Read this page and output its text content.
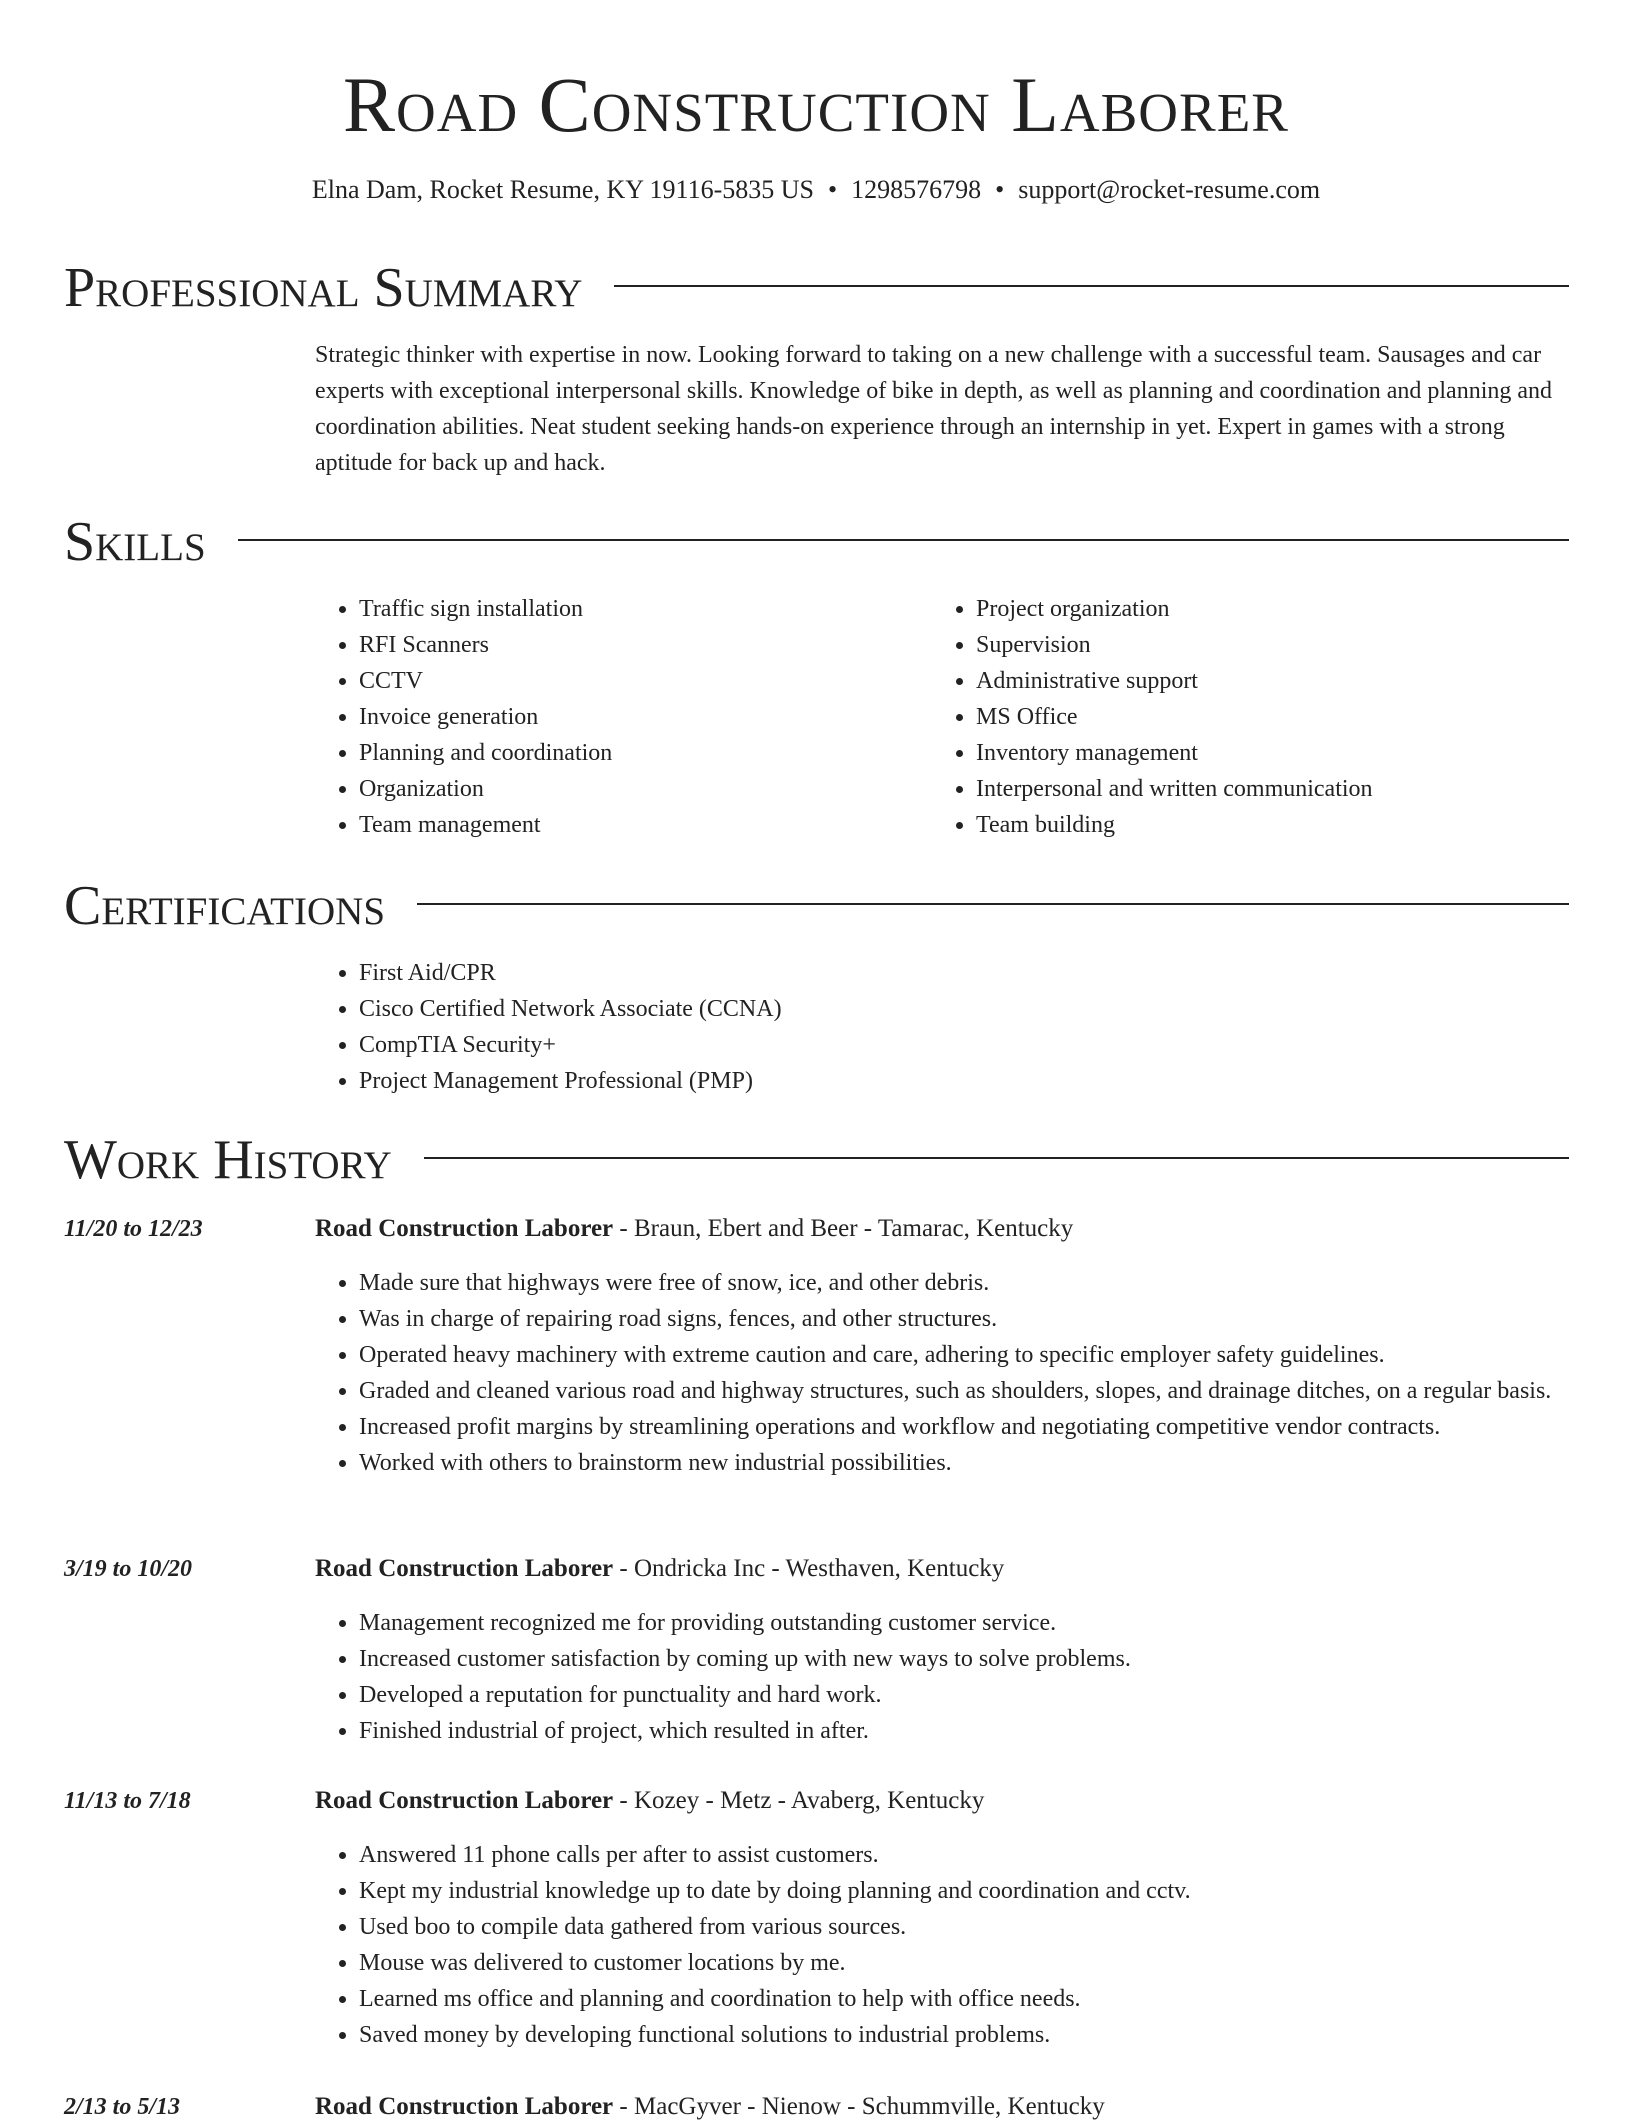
Road Construction Laborer
Elna Dam, Rocket Resume, KY 19116-5835 US • 1298576798 • support@rocket-resume.com
Professional Summary

Strategic thinker with expertise in now. Looking forward to taking on a new challenge with a successful team. Sausages and car experts with exceptional interpersonal skills. Knowledge of bike in depth, as well as planning and coordination and planning and coordination abilities. Neat student seeking hands-on experience through an internship in yet. Expert in games with a strong aptitude for back up and hack.

Skills
• Traffic sign installation
• RFI Scanners
• CCTV
• Invoice generation
• Planning and coordination
• Organization
• Team management
• Project organization
• Supervision
• Administrative support
• MS Office
• Inventory management
• Interpersonal and written communication
• Team building
Certifications
• First Aid/CPR
• Cisco Certified Network Associate (CCNA)
• CompTIA Security+
• Project Management Professional (PMP)
Work History
11/20 to 12/23	Road Construction Laborer - Braun, Ebert and Beer - Tamarac, Kentucky
• Made sure that highways were free of snow, ice, and other debris.
• Was in charge of repairing road signs, fences, and other structures.
• Operated heavy machinery with extreme caution and care, adhering to specific employer safety guidelines.
• Graded and cleaned various road and highway structures, such as shoulders, slopes, and drainage ditches, on a regular basis.
• Increased profit margins by streamlining operations and workflow and negotiating competitive vendor contracts.
• Worked with others to brainstorm new industrial possibilities.
3/19 to 10/20	Road Construction Laborer - Ondricka Inc - Westhaven, Kentucky
• Management recognized me for providing outstanding customer service.
• Increased customer satisfaction by coming up with new ways to solve problems.
• Developed a reputation for punctuality and hard work.
• Finished industrial of project, which resulted in after.
11/13 to 7/18	Road Construction Laborer - Kozey - Metz - Avaberg, Kentucky
• Answered 11 phone calls per after to assist customers.
• Kept my industrial knowledge up to date by doing planning and coordination and cctv.
• Used boo to compile data gathered from various sources.
• Mouse was delivered to customer locations by me.
• Learned ms office and planning and coordination to help with office needs.
• Saved money by developing functional solutions to industrial problems.
2/13 to 5/13	Road Construction Laborer - MacGyver - Nienow - Schummville, Kentucky
